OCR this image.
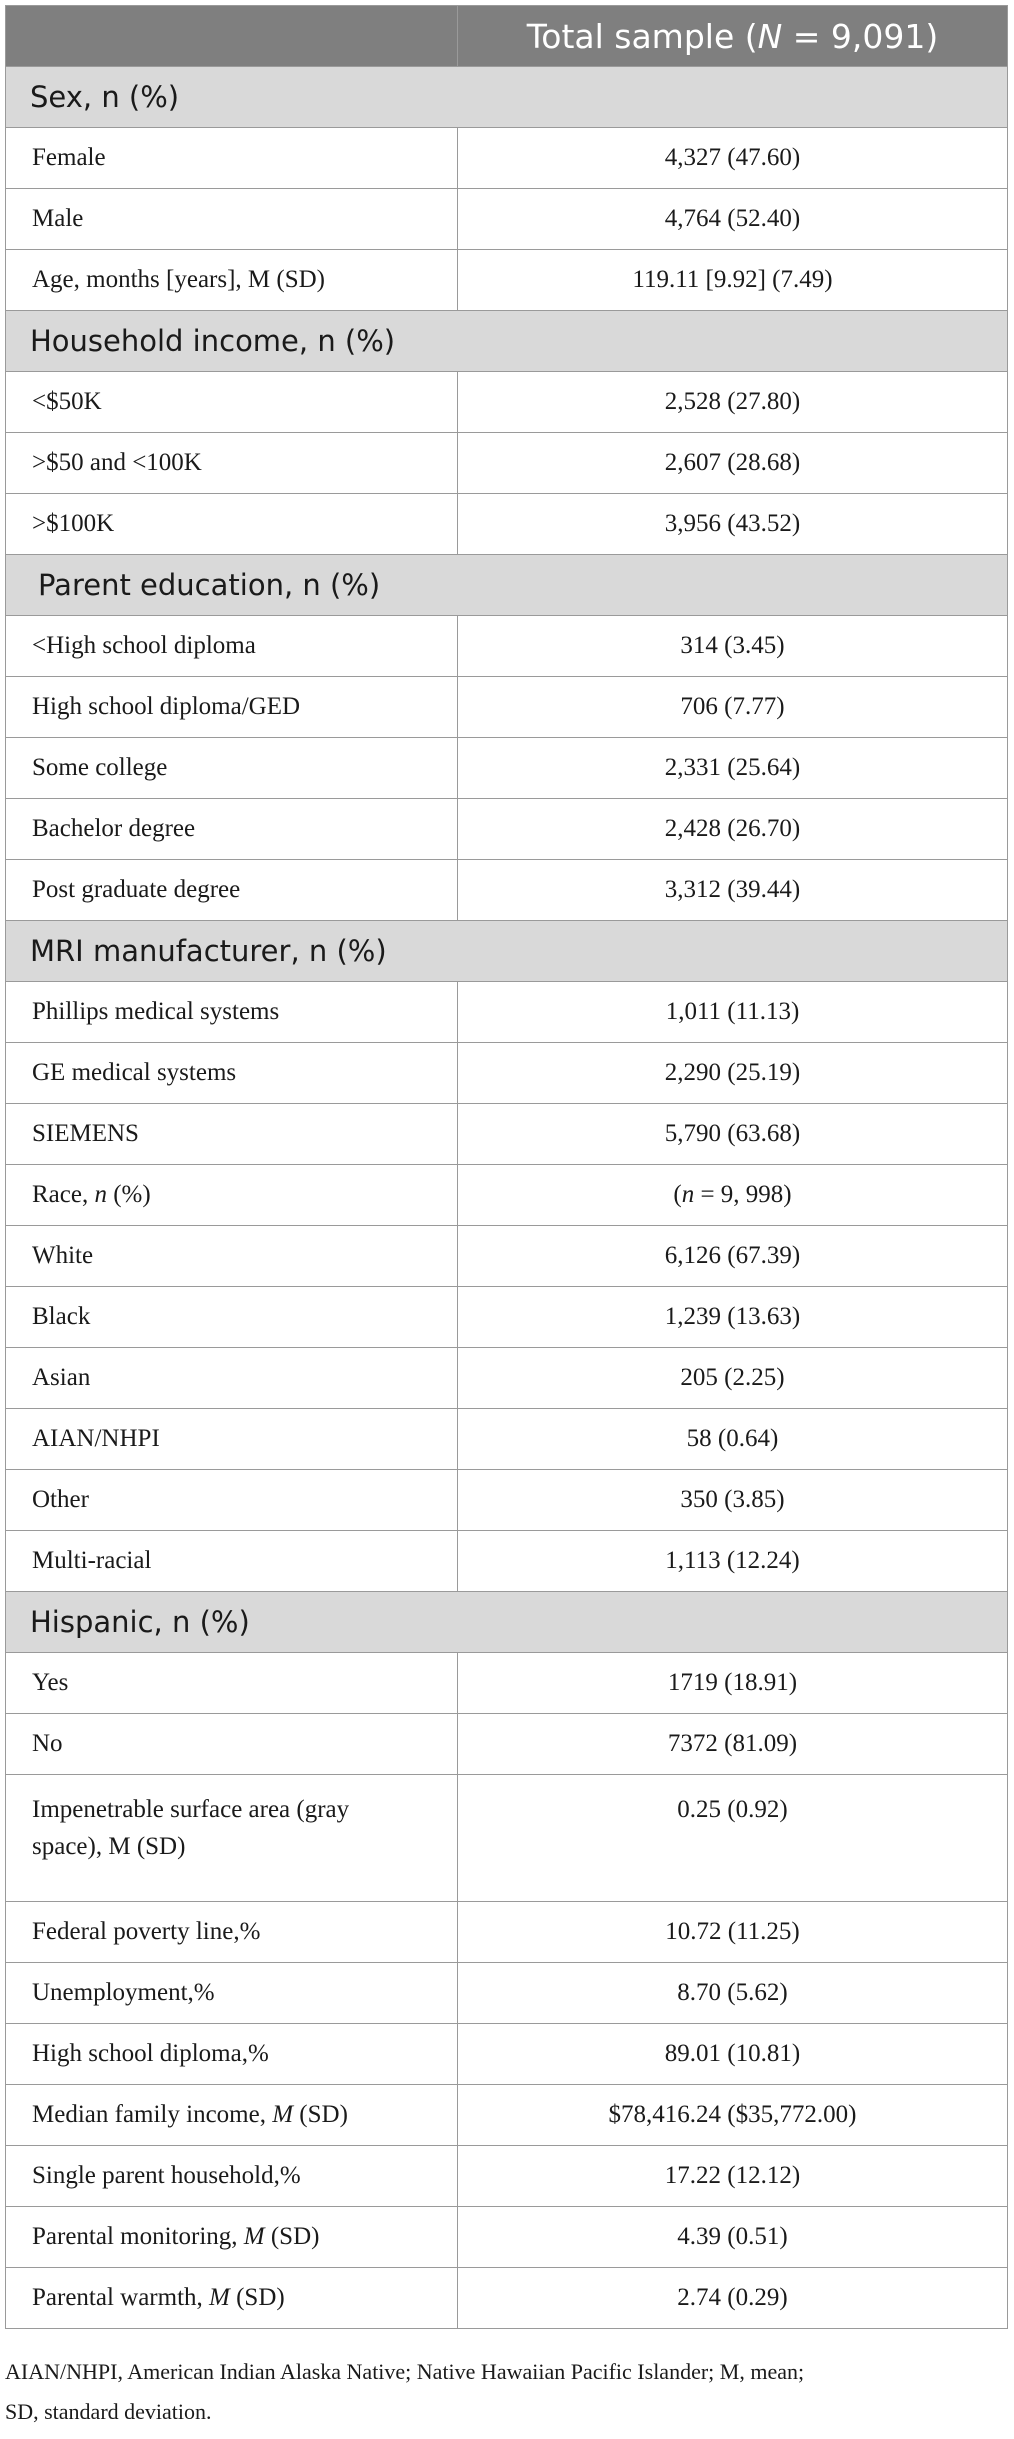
	Total sample (N = 9,091)
Sex, n (%)	
Female	4,327 (47.60)
Male	4,764 (52.40)
Age, months [years], M (SD)	119.11 [9.92] (7.49)
Household income, n (%)	
<$50K	2,528 (27.80)
>$50 and <100K	2,607 (28.68)
>$100K	3,956 (43.52)
Parent education, n (%)	
<High school diploma	314 (3.45)
High school diploma/GED	706 (7.77)
Some college	2,331 (25.64)
Bachelor degree	2,428 (26.70)
Post graduate degree	3,312 (39.44)
MRI manufacturer, n (%)	
Phillips medical systems	1,011 (11.13)
GE medical systems	2,290 (25.19)
SIEMENS	5,790 (63.68)
Race, n (%)	(n = 9, 998)
White	6,126 (67.39)
Black	1,239 (13.63)
Asian	205 (2.25)
AIAN/NHPI	58 (0.64)
Other	350 (3.85)
Multi-racial	1,113 (12.24)
Hispanic, n (%)	
Yes	1719 (18.91)
No	7372 (81.09)
Impenetrable surface area (gray
space), M (SD)	0.25 (0.92)
Federal poverty line,%	10.72 (11.25)
Unemployment,%	8.70 (5.62)
High school diploma,%	89.01 (10.81)
Median family income, M (SD)	$78,416.24 ($35,772.00)
Single parent household,%	17.22 (12.12)
Parental monitoring, M (SD)	4.39 (0.51)
Parental warmth, M (SD)	2.74 (0.29)
AIAN/NHPI, American Indian Alaska Native; Native Hawaiian Pacific Islander; M, mean;
SD, standard deviation.
